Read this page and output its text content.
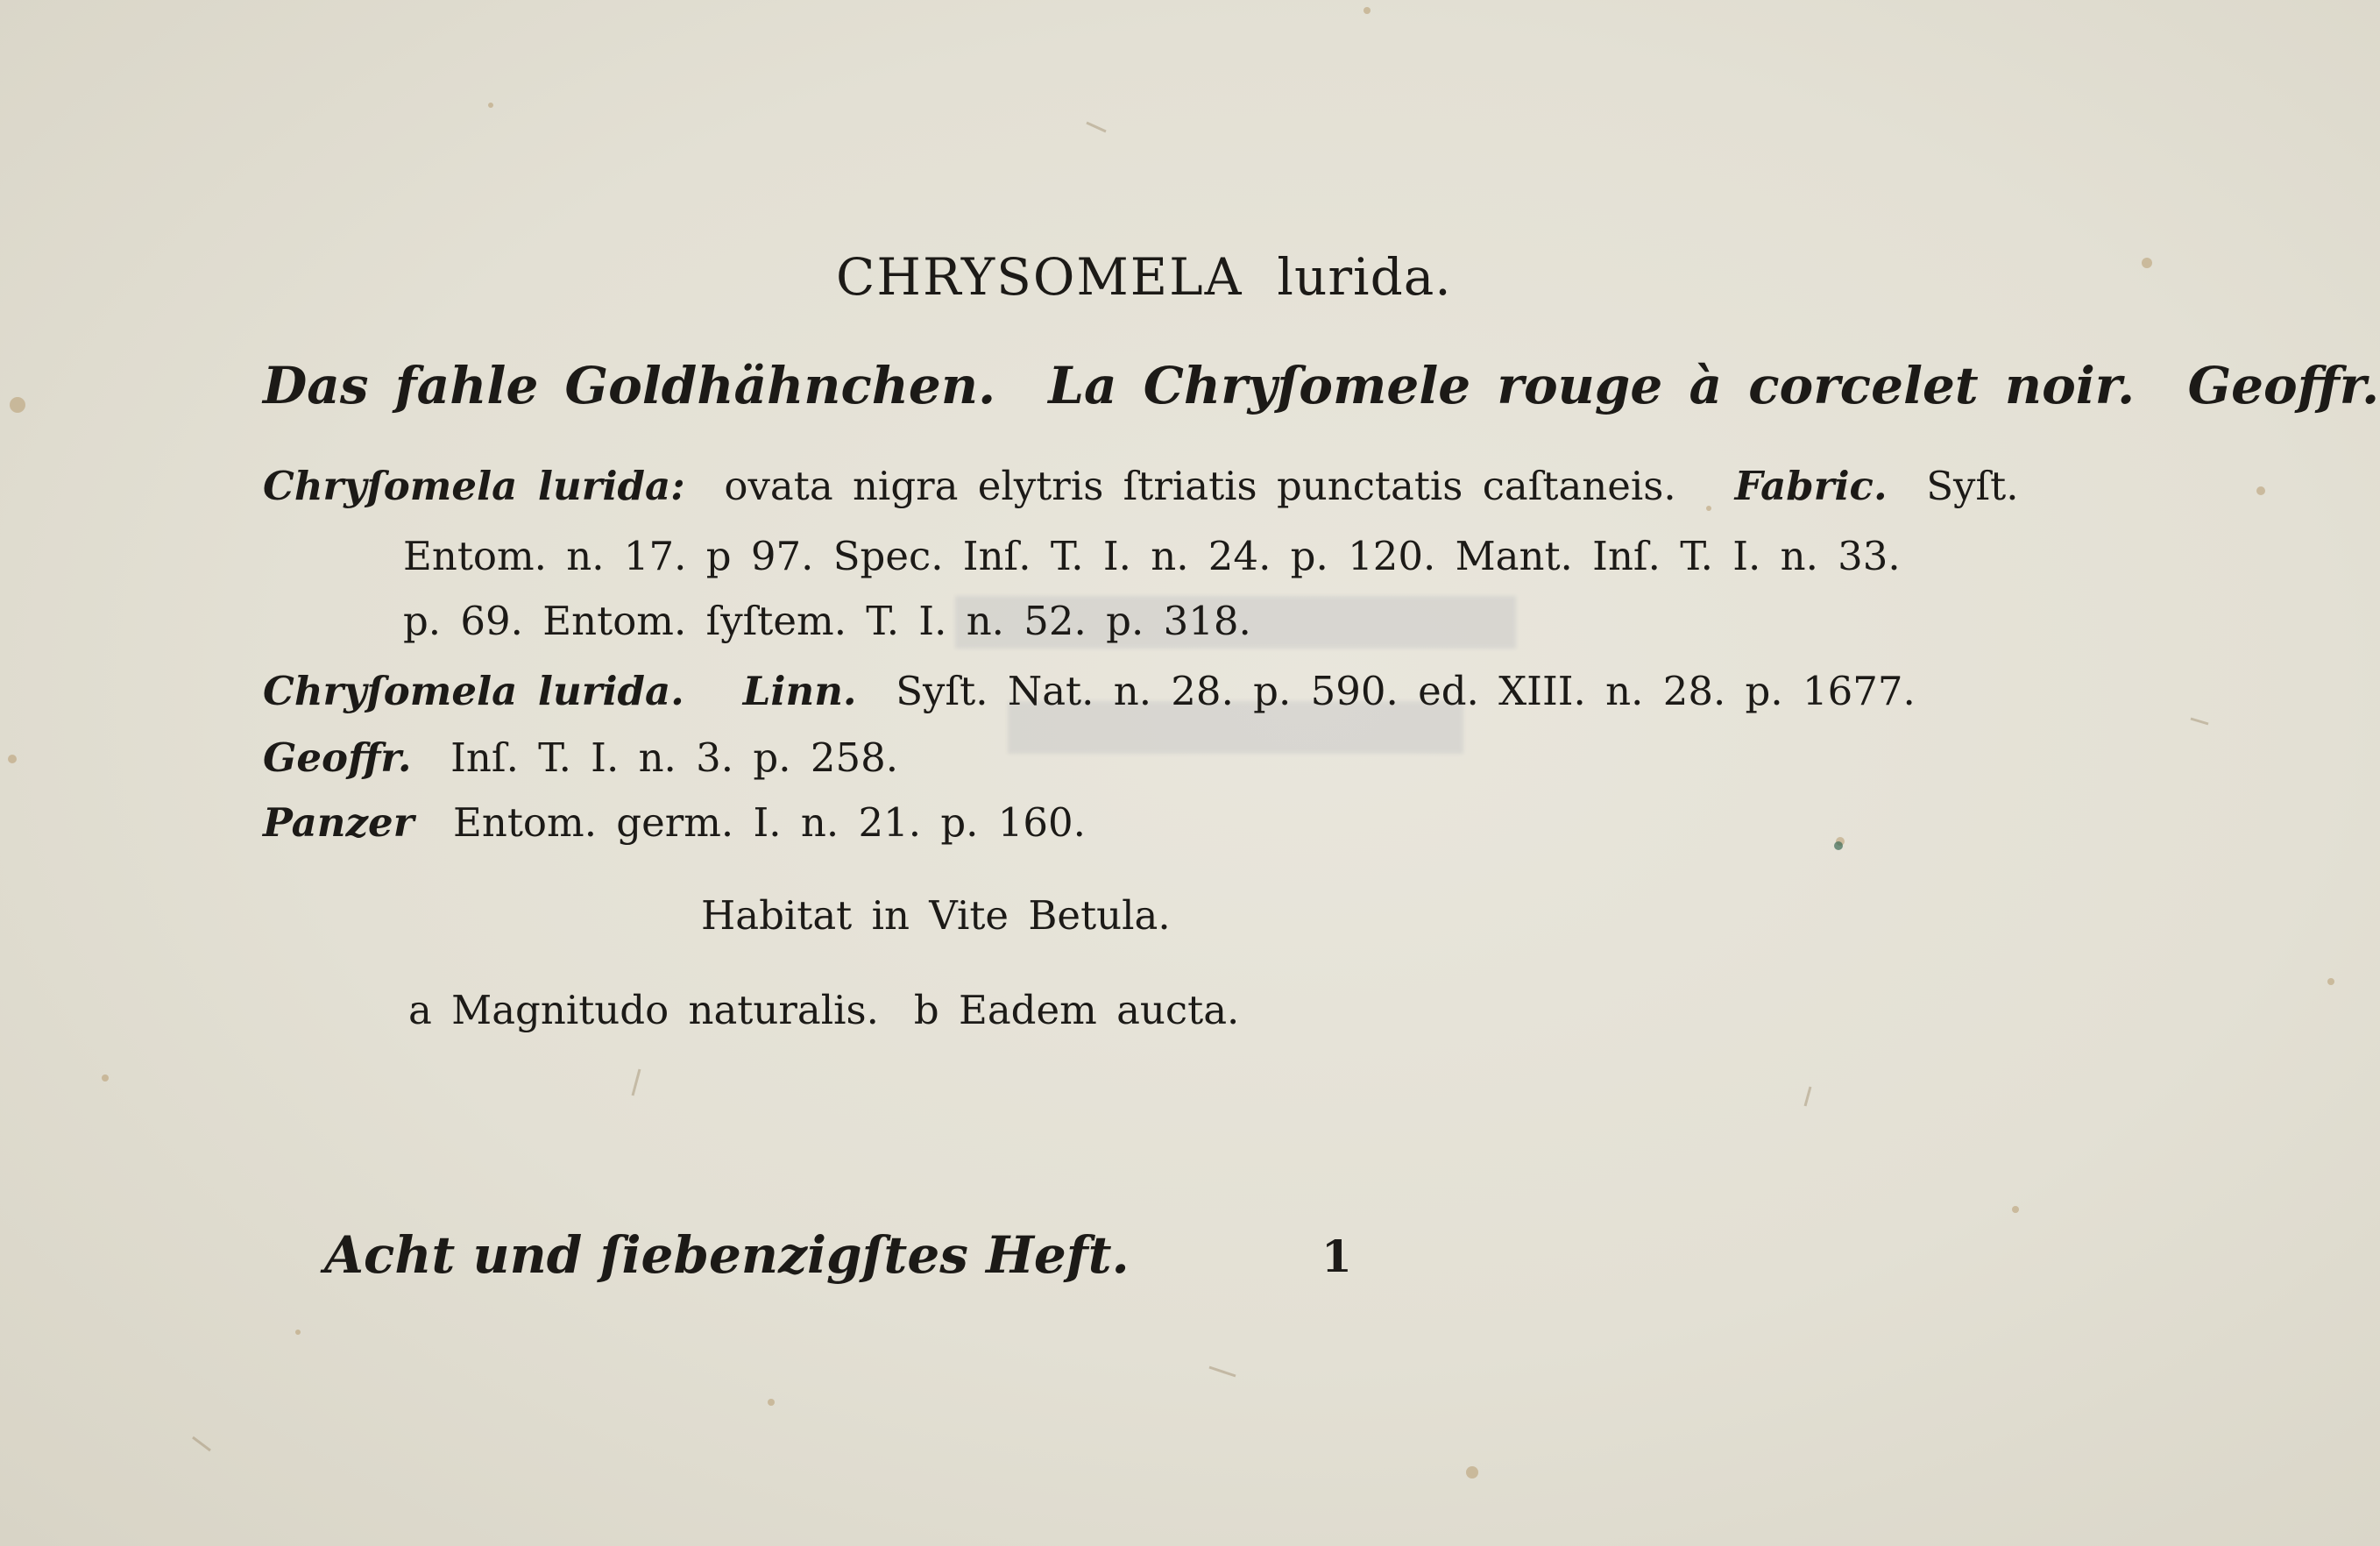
CHRYSOMELA lurida.
Das fahle Goldhähnchen. La Chryſomele rouge à corcelet noir. Geoffr.
Chryſomela lurida: ovata nigra elytris ſtriatis punctatis caſtaneis. Fabric. Syſt.
Entom. n. 17. p 97. Spec. Inſ. T. I. n. 24. p. 120. Mant. Inſ. T. I. n. 33.
p. 69. Entom. ſyſtem. T. I. n. 52. p. 318.
Chryſomela lurida. Linn. Syſt. Nat. n. 28. p. 590. ed. XIII. n. 28. p. 1677.
Geoffr. Inſ. T. I. n. 3. p. 258.
Panzer Entom. germ. I. n. 21. p. 160.
Habitat in Vite Betula.
a Magnitudo naturalis. b Eadem aucta.
Acht und ſiebenzigſtes Heft.	1
